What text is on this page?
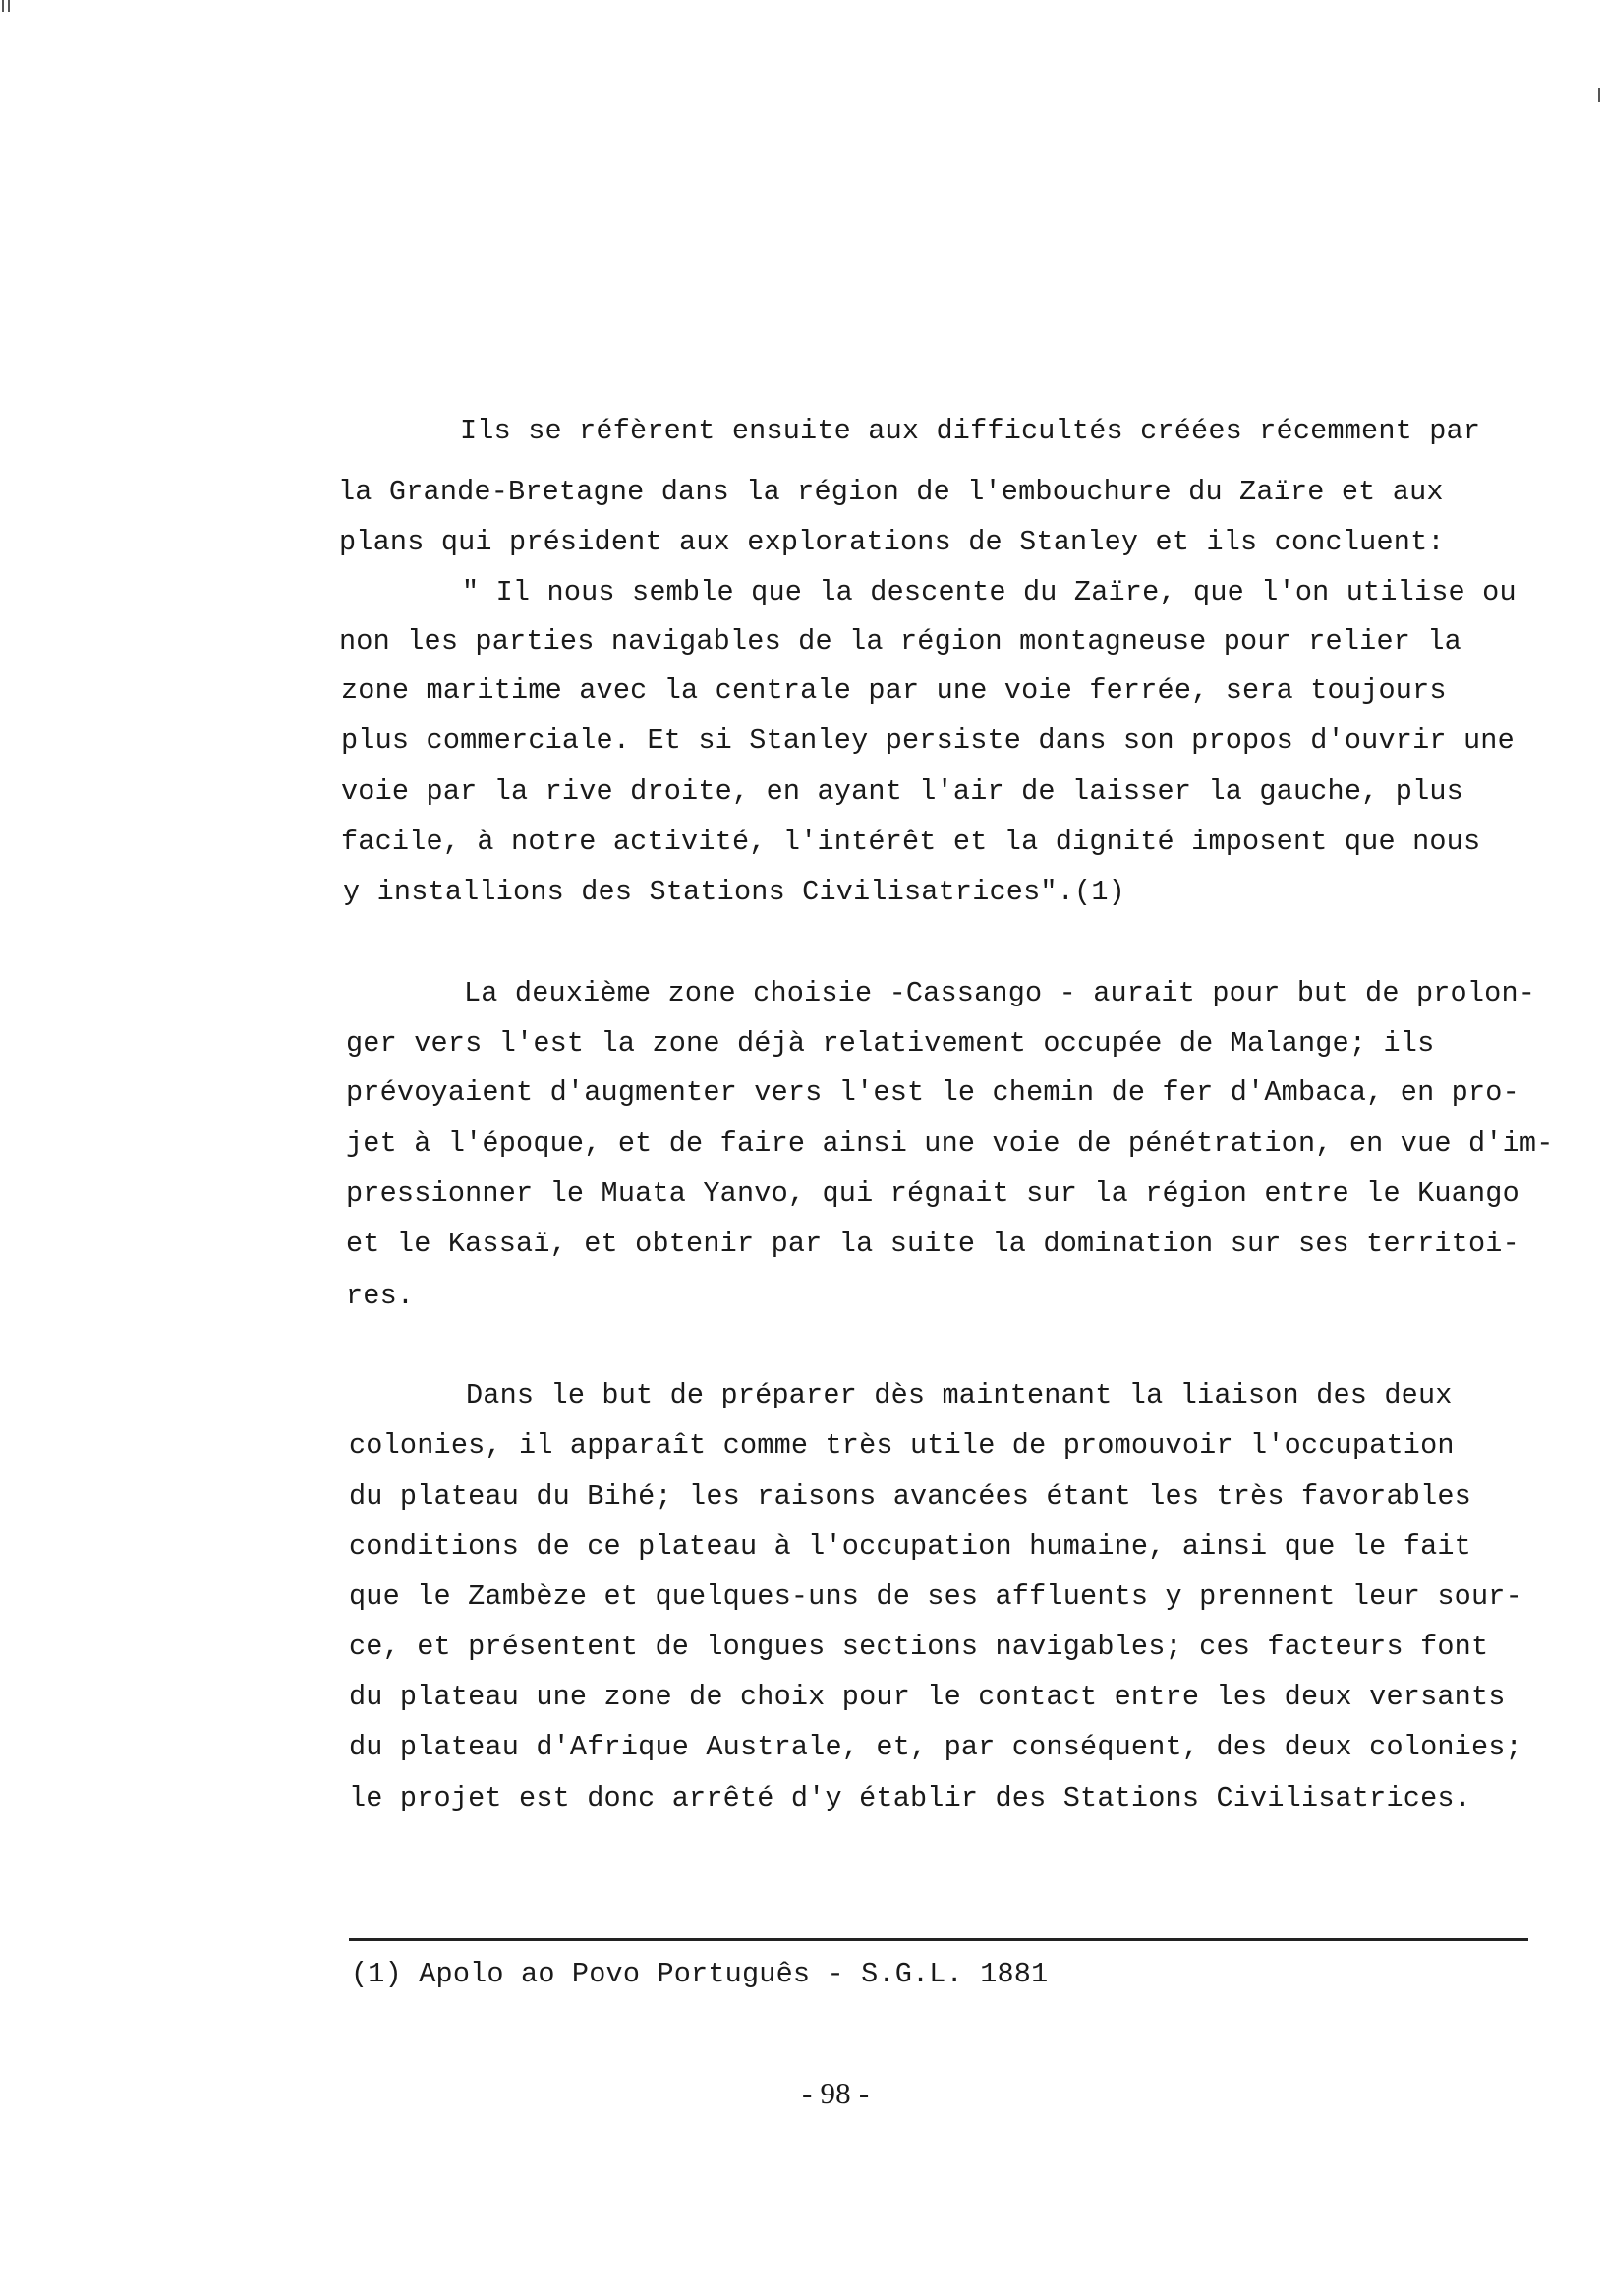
Ils se réfèrent ensuite aux difficultés créées récemment par
la Grande-Bretagne dans la région de l'embouchure du Zaïre et aux
plans qui président aux explorations de Stanley et ils concluent:
" Il nous semble que la descente du Zaïre, que l'on utilise ou
non les parties navigables de la région montagneuse pour relier la
zone maritime avec la centrale par une voie ferrée, sera toujours
plus commerciale. Et si Stanley persiste dans son propos d'ouvrir une
voie par la rive droite, en ayant l'air de laisser la gauche, plus
facile, à notre activité, l'intérêt et la dignité imposent que nous
y installions des Stations Civilisatrices".(1)
La deuxième zone choisie -Cassango - aurait pour but de prolon-
ger vers l'est la zone déjà relativement occupée de Malange; ils
prévoyaient d'augmenter vers l'est le chemin de fer d'Ambaca, en pro-
jet à l'époque, et de faire ainsi une voie de pénétration, en vue d'im-
pressionner le Muata Yanvo, qui régnait sur la région entre le Kuango
et le Kassaï, et obtenir par la suite la domination sur ses territoi-
res.
Dans le but de préparer dès maintenant la liaison des deux
colonies, il apparaît comme très utile de promouvoir l'occupation
du plateau du Bihé; les raisons avancées étant les très favorables
conditions de ce plateau à l'occupation humaine, ainsi que le fait
que le Zambèze et quelques-uns de ses affluents y prennent leur sour-
ce, et présentent de longues sections navigables; ces facteurs font
du plateau une zone de choix pour le contact entre les deux versants
du plateau d'Afrique Australe, et, par conséquent, des deux colonies;
le projet est donc arrêté d'y établir des Stations Civilisatrices.
(1) Apolo ao Povo Português - S.G.L. 1881
- 98 -
